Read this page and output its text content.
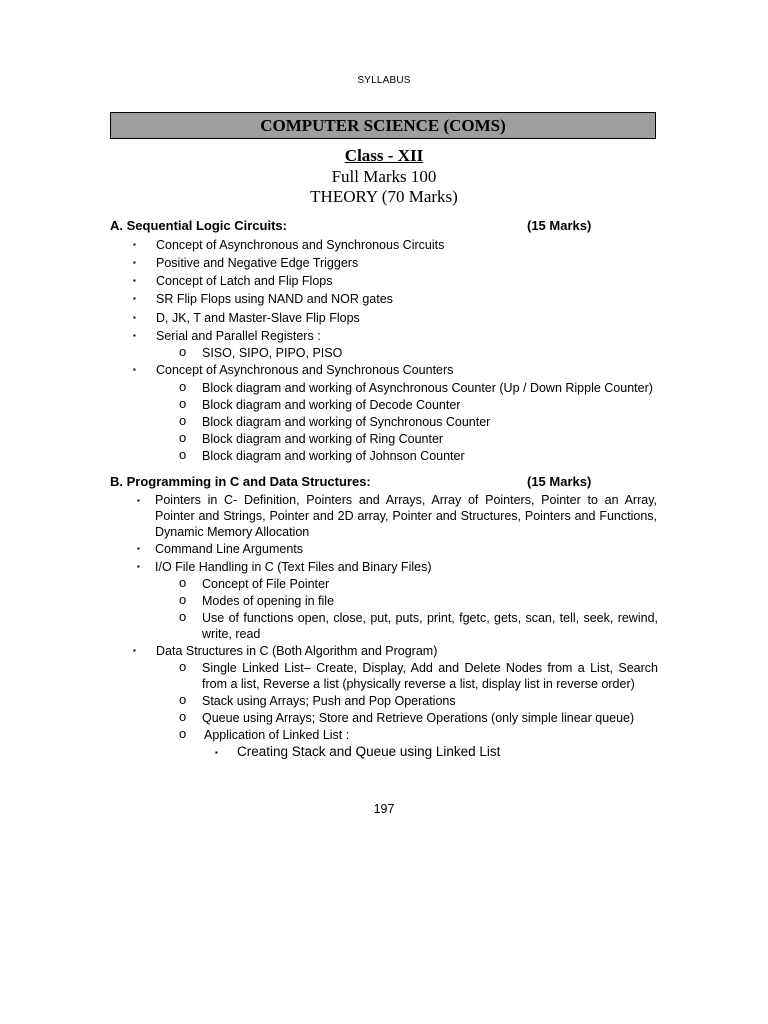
SYLLABUS
COMPUTER SCIENCE (COMS)
Class - XII
Full Marks 100
THEORY (70 Marks)
A. Sequential Logic Circuits:	(15 Marks)
▪ Concept of Asynchronous and Synchronous Circuits
▪ Positive and Negative Edge Triggers
▪ Concept of Latch and Flip Flops
▪ SR Flip Flops using NAND and NOR gates
▪ D, JK, T and Master-Slave Flip Flops
▪ Serial and Parallel Registers :
o SISO, SIPO, PIPO, PISO
▪ Concept of Asynchronous and Synchronous Counters
o Block diagram and working of Asynchronous Counter (Up / Down Ripple Counter)
o Block diagram and working of Decode Counter
o Block diagram and working of Synchronous Counter
o Block diagram and working of Ring Counter
o Block diagram and working of Johnson Counter
B. Programming in C and Data Structures:	(15 Marks)
▪ Pointers in C- Definition, Pointers and Arrays, Array of Pointers, Pointer to an Array, Pointer and Strings, Pointer and 2D array, Pointer and Structures, Pointers and Functions, Dynamic Memory Allocation
▪ Command Line Arguments
▪ I/O File Handling in C (Text Files and Binary Files)
o Concept of File Pointer
o Modes of opening in file
o Use of functions open, close, put, puts, print, fgetc, gets, scan, tell, seek, rewind, write, read
▪ Data Structures in C (Both Algorithm and Program)
o Single Linked List– Create, Display, Add and Delete Nodes from a List, Search from a list, Reverse a list (physically reverse a list, display list in reverse order)
o Stack using Arrays; Push and Pop Operations
o Queue using Arrays; Store and Retrieve Operations (only simple linear queue)
o Application of Linked List :
▪ Creating Stack and Queue using Linked List
197
